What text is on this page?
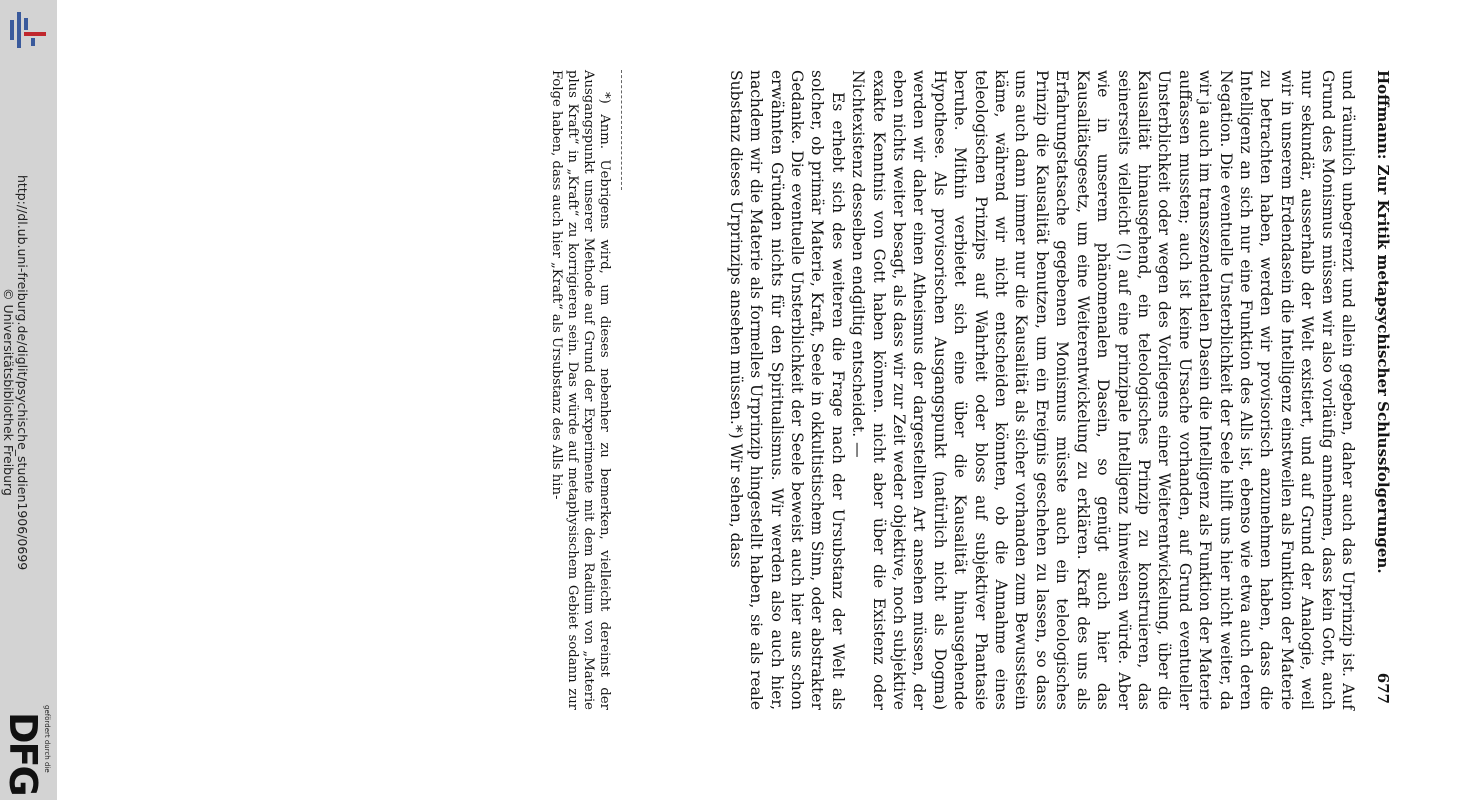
http://dl.ub.uni-freiburg.de/diglit/psychische_studien1906/0699
© Universitätsbibliothek Freiburg
gefördert durch die
DFG
Hoffmann: Zur Kritik metapsychischer Schlussfolgerungen.
677

und räumlich unbegrenzt und allein gegeben, daher auch das Urprinzip ist. Auf Grund des Monismus müssen wir also vorläufig annehmen, dass kein Gott, auch nur sekundär, ausserhalb der Welt existiert, und auf Grund der Analogie, weil wir in unserem Erdendasein die Intelligenz einstweilen als Funktion der Materie zu betrachten haben, werden wir provisorisch anzunehmen haben, dass die Intelligenz an sich nur eine Funktion des Alls ist, ebenso wie etwa auch deren Negation. Die eventuelle Unsterblichkeit der Seele hilft uns hier nicht weiter, da wir ja auch im transszendentalen Dasein die Intelligenz als Funktion der Materie auffassen mussten; auch ist keine Ursache vorhanden, auf Grund eventueller Unsterblichkeit oder wegen des Vorliegens einer Weiterentwickelung, über die Kausalität hinausgehend, ein teleologisches Prinzip zu konstruieren, das seinerseits vielleicht (!) auf eine prinzipale Intelligenz hinweisen würde. Aber wie in unserem phänomenalen Dasein, so genügt auch hier das Kausalitätsgesetz, um eine Weiterentwickelung zu erklären. Kraft des uns als Erfahrungstatsache gegebenen Monismus müsste auch ein teleologisches Prinzip die Kausalität benutzen, um ein Ereignis geschehen zu lassen, so dass uns auch dann immer nur die Kausalität als sicher vorhanden zum Bewusstsein käme, während wir nicht entscheiden könnten, ob die Annahme eines teleologischen Prinzips auf Wahrheit oder bloss auf subjektiver Phantasie beruhe. Mithin verbietet sich eine über die Kausalität hinausgehende Hypothese. Als provisorischen Ausgangspunkt (natürlich nicht als Dogma) werden wir daher einen Atheismus der dargestellten Art ansehen müssen, der eben nichts weiter besagt, als dass wir zur Zeit weder objektive, noch subjektive exakte Kenntnis von Gott haben können. nicht aber über die Existenz oder Nichtexistenz desselben endgiltig entscheidet. —

Es erhebt sich des weiteren die Frage nach der Ursubstanz der Welt als solcher, ob primär Materie, Kraft, Seele in okkultistischem Sinn, oder abstrakter Gedanke. Die eventuelle Unsterblichkeit der Seele beweist auch hier aus schon erwähnten Gründen nichts für den Spiritualismus. Wir werden also auch hier, nachdem wir die Materie als formelles Urprinzip hingestellt haben, sie als reale Substanz dieses Urprinzips ansehen müssen.*) Wir sehen, dass

*) Anm. Uebrigens wird, um dieses nebenher zu bemerken, vielleicht dereinst der Ausgangspunkt unserer Methode auf Grund der Experimente mit dem Radium von „Materie plus Kraft“ in „Kraft“ zu korrigieren sein. Das würde auf metaphysischem Gebiet sodann zur Folge haben, dass auch hier „Kraft“ als Ursubstanz des Alls hin-
